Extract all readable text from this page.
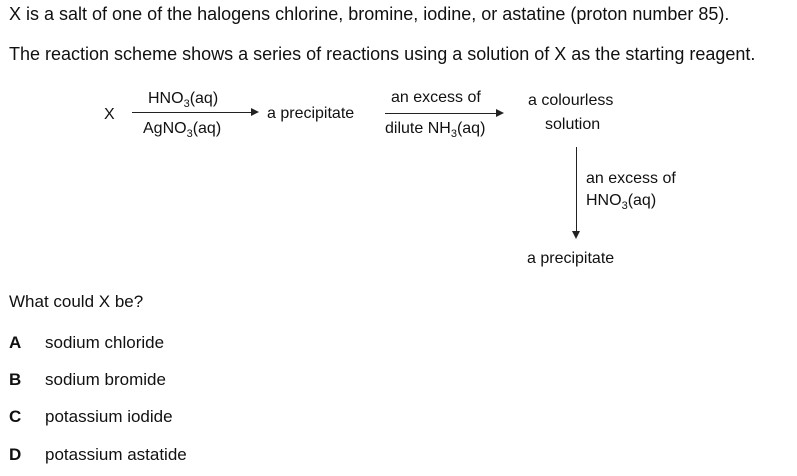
X is a salt of one of the halogens chlorine, bromine, iodine, or astatine (proton number 85).
The reaction scheme shows a series of reactions using a solution of X as the starting reagent.
X
$HNO_3(aq)$
AgNO$_3$(aq)
a precipitate
an excess of
dilute $NH_3(aq)$
a colourless
solution
an excess of
$HNO_3(aq)$
a precipitate
What could X be?
A sodium chloride
B sodium bromide
C potassium iodide
D potassium astatide
